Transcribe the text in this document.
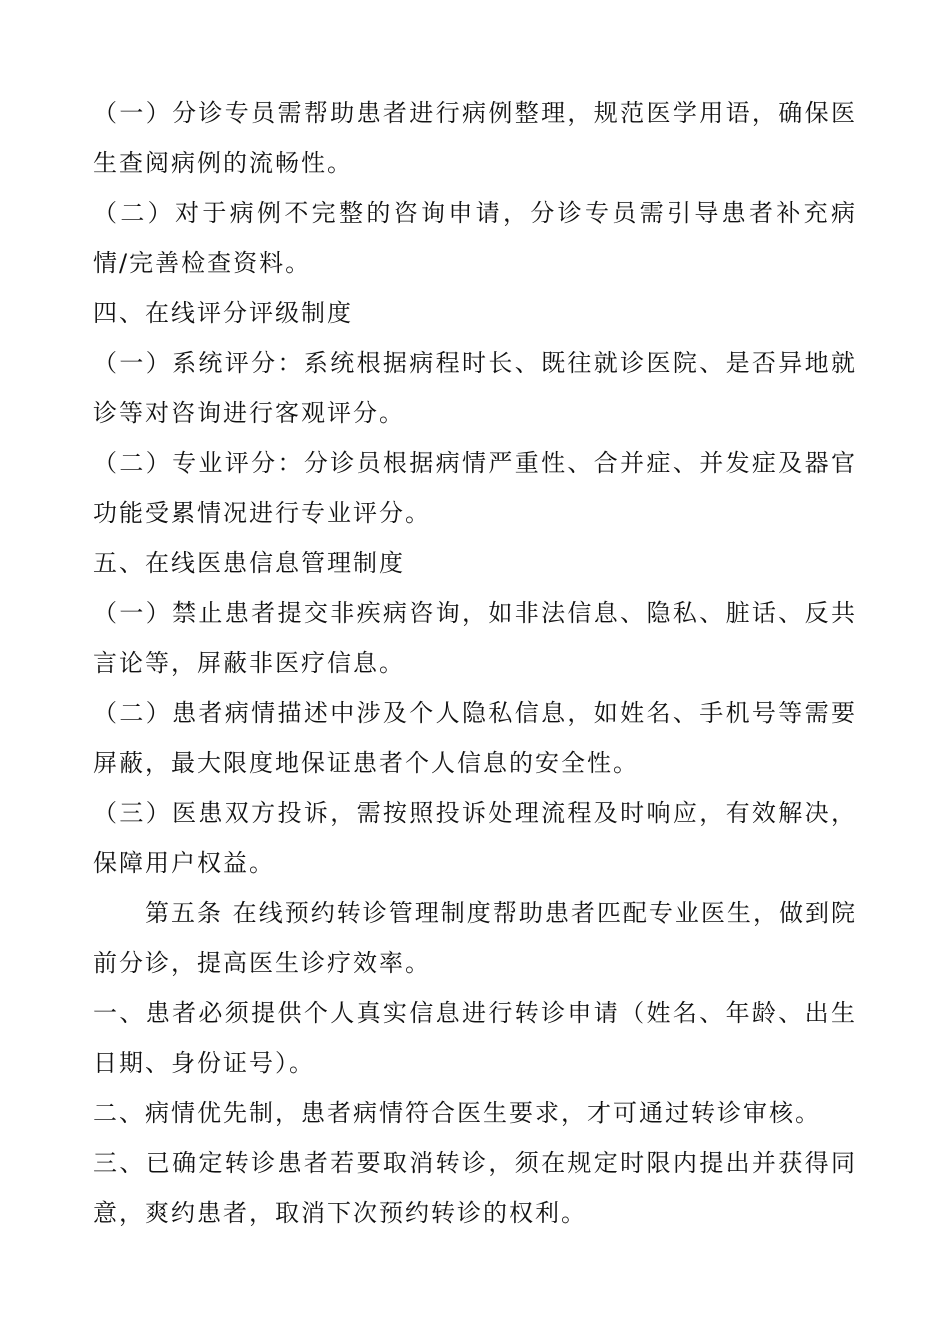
（一）分诊专员需帮助患者进行病例整理，规范医学用语，确保医生查阅病例的流畅性。

（二）对于病例不完整的咨询申请，分诊专员需引导患者补充病情/完善检查资料。

四、在线评分评级制度

（一）系统评分：系统根据病程时长、既往就诊医院、是否异地就诊等对咨询进行客观评分。

（二）专业评分：分诊员根据病情严重性、合并症、并发症及器官功能受累情况进行专业评分。

五、在线医患信息管理制度

（一）禁止患者提交非疾病咨询，如非法信息、隐私、脏话、反共言论等，屏蔽非医疗信息。

（二）患者病情描述中涉及个人隐私信息，如姓名、手机号等需要屏蔽，最大限度地保证患者个人信息的安全性。

（三）医患双方投诉，需按照投诉处理流程及时响应，有效解决，保障用户权益。

第五条 在线预约转诊管理制度帮助患者匹配专业医生，做到院前分诊，提高医生诊疗效率。

一、患者必须提供个人真实信息进行转诊申请（姓名、年龄、出生日期、身份证号）。

二、病情优先制，患者病情符合医生要求，才可通过转诊审核。

三、已确定转诊患者若要取消转诊，须在规定时限内提出并获得同意，爽约患者，取消下次预约转诊的权利。
